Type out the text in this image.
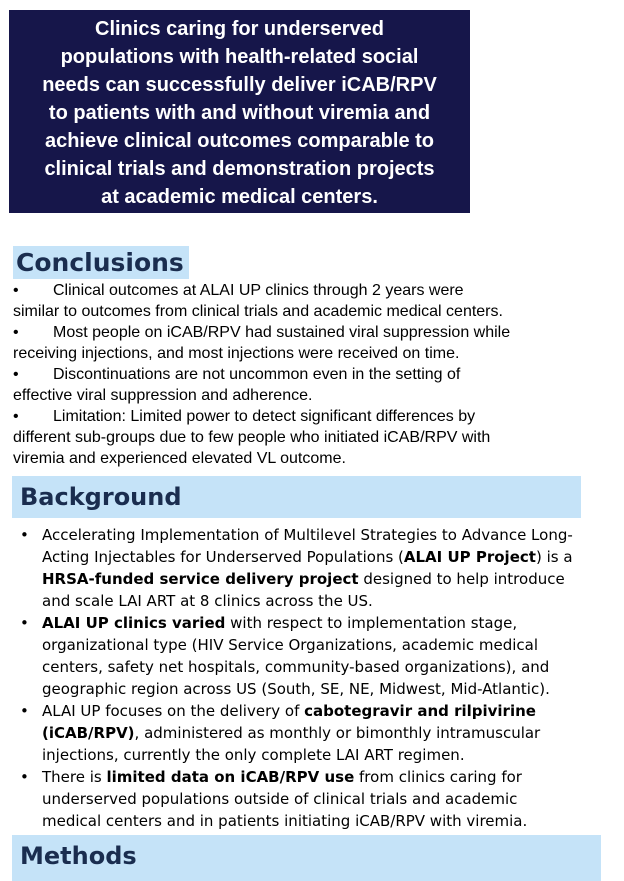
Clinics caring for underserved
populations with health-related social
needs can successfully deliver iCAB/RPV
to patients with and without viremia and
achieve clinical outcomes comparable to
clinical trials and demonstration projects
at academic medical centers.
Conclusions
• Clinical outcomes at ALAI UP clinics through 2 years were
similar to outcomes from clinical trials and academic medical centers.
• Most people on iCAB/RPV had sustained viral suppression while
receiving injections, and most injections were received on time.
• Discontinuations are not uncommon even in the setting of
effective viral suppression and adherence.
• Limitation: Limited power to detect significant differences by
different sub-groups due to few people who initiated iCAB/RPV with
viremia and experienced elevated VL outcome.
Background
• Accelerating Implementation of Multilevel Strategies to Advance Long-Acting Injectables for Underserved Populations (ALAI UP Project) is a HRSA-funded service delivery project designed to help introduce and scale LAI ART at 8 clinics across the US.
• ALAI UP clinics varied with respect to implementation stage, organizational type (HIV Service Organizations, academic medical centers, safety net hospitals, community-based organizations), and geographic region across US (South, SE, NE, Midwest, Mid-Atlantic).
• ALAI UP focuses on the delivery of cabotegravir and rilpivirine (iCAB/RPV), administered as monthly or bimonthly intramuscular injections, currently the only complete LAI ART regimen.
• There is limited data on iCAB/RPV use from clinics caring for underserved populations outside of clinical trials and academic medical centers and in patients initiating iCAB/RPV with viremia.
Methods
